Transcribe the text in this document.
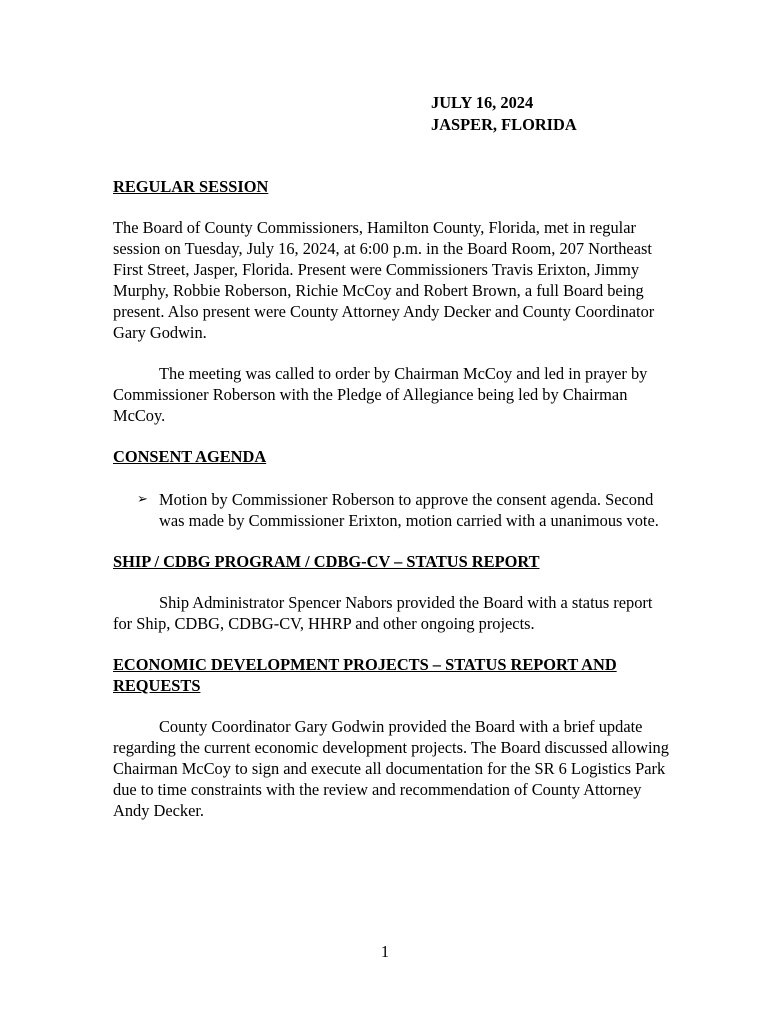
JULY 16, 2024
JASPER, FLORIDA

REGULAR SESSION

The Board of County Commissioners, Hamilton County, Florida, met in regular session on Tuesday, July 16, 2024, at 6:00 p.m. in the Board Room, 207 Northeast First Street, Jasper, Florida. Present were Commissioners Travis Erixton, Jimmy Murphy, Robbie Roberson, Richie McCoy and Robert Brown, a full Board being present. Also present were County Attorney Andy Decker and County Coordinator Gary Godwin.

The meeting was called to order by Chairman McCoy and led in prayer by Commissioner Roberson with the Pledge of Allegiance being led by Chairman McCoy.

CONSENT AGENDA

➢ Motion by Commissioner Roberson to approve the consent agenda. Second was made by Commissioner Erixton, motion carried with a unanimous vote.

SHIP / CDBG PROGRAM / CDBG-CV – STATUS REPORT

Ship Administrator Spencer Nabors provided the Board with a status report for Ship, CDBG, CDBG-CV, HHRP and other ongoing projects.

ECONOMIC DEVELOPMENT PROJECTS – STATUS REPORT AND REQUESTS

County Coordinator Gary Godwin provided the Board with a brief update regarding the current economic development projects. The Board discussed allowing Chairman McCoy to sign and execute all documentation for the SR 6 Logistics Park due to time constraints with the review and recommendation of County Attorney Andy Decker.

1
